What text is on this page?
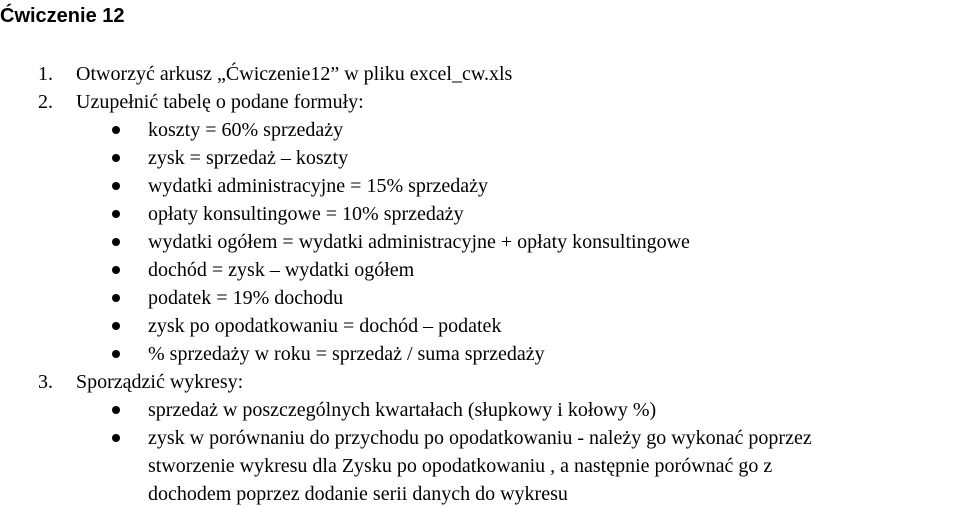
Ćwiczenie 12
1. Otworzyć arkusz „Ćwiczenie12” w pliku excel_cw.xls
2. Uzupełnić tabelę o podane formuły:
koszty = 60% sprzedaży
zysk = sprzedaż – koszty
wydatki administracyjne = 15% sprzedaży
opłaty konsultingowe = 10% sprzedaży
wydatki ogółem = wydatki administracyjne + opłaty konsultingowe
dochód = zysk – wydatki ogółem
podatek = 19% dochodu
zysk po opodatkowaniu = dochód – podatek
% sprzedaży w roku = sprzedaż / suma sprzedaży
3. Sporządzić wykresy:
sprzedaż w poszczególnych kwartałach (słupkowy i kołowy %)
zysk w porównaniu do przychodu po opodatkowaniu - należy go wykonać poprzez
stworzenie wykresu dla Zysku po opodatkowaniu , a następnie porównać go z
dochodem poprzez dodanie serii danych do wykresu
